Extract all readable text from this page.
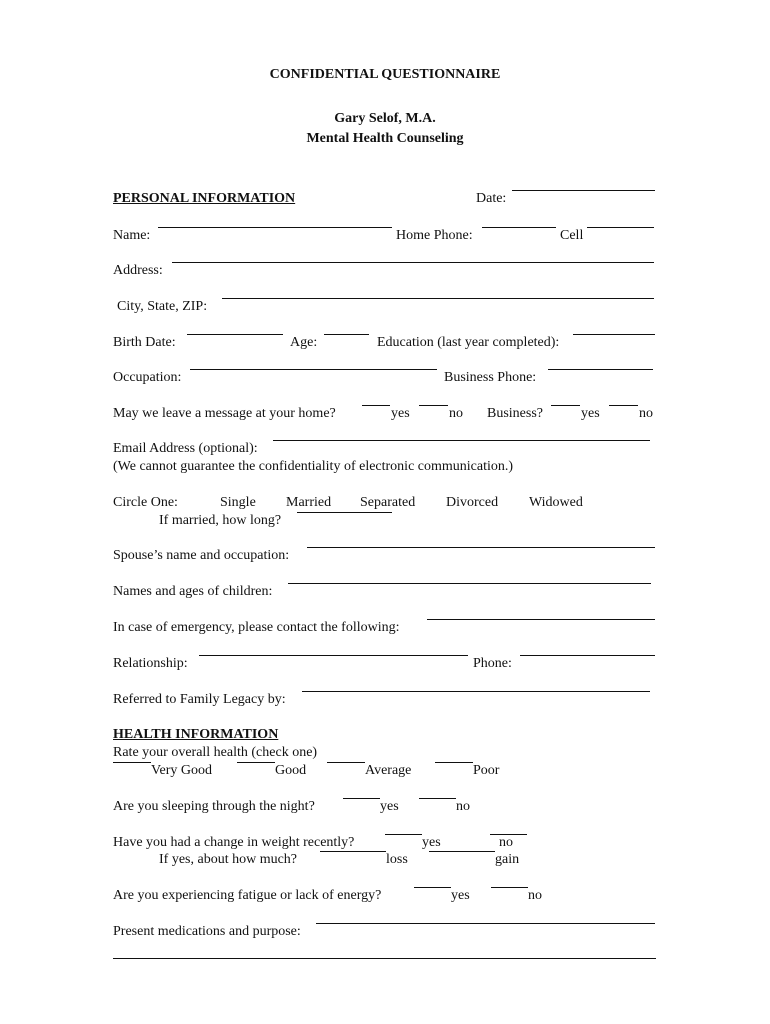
CONFIDENTIAL QUESTIONNAIRE
Gary Selof, M.A.
Mental Health Counseling
PERSONAL INFORMATION	Date:
Name:	Home Phone:	Cell
Address:
City, State, ZIP:
Birth Date:	Age:	Education (last year completed):
Occupation:	Business Phone:
May we leave a message at your home?	yes	no Business?	yes	no
Email Address (optional):
(We cannot guarantee the confidentiality of electronic communication.)
Circle One:	Single Married Separated Divorced Widowed
If married, how long?
Spouse’s name and occupation:
Names and ages of children:
In case of emergency, please contact the following:
Relationship:	Phone:
Referred to Family Legacy by:
HEALTH INFORMATION
Rate your overall health (check one)
Very Good	Good	Average	Poor
Are you sleeping through the night?	yes	no
Have you had a change in weight recently?	yes	no
If yes, about how much?	loss	gain
Are you experiencing fatigue or lack of energy?	yes	no
Present medications and purpose:
